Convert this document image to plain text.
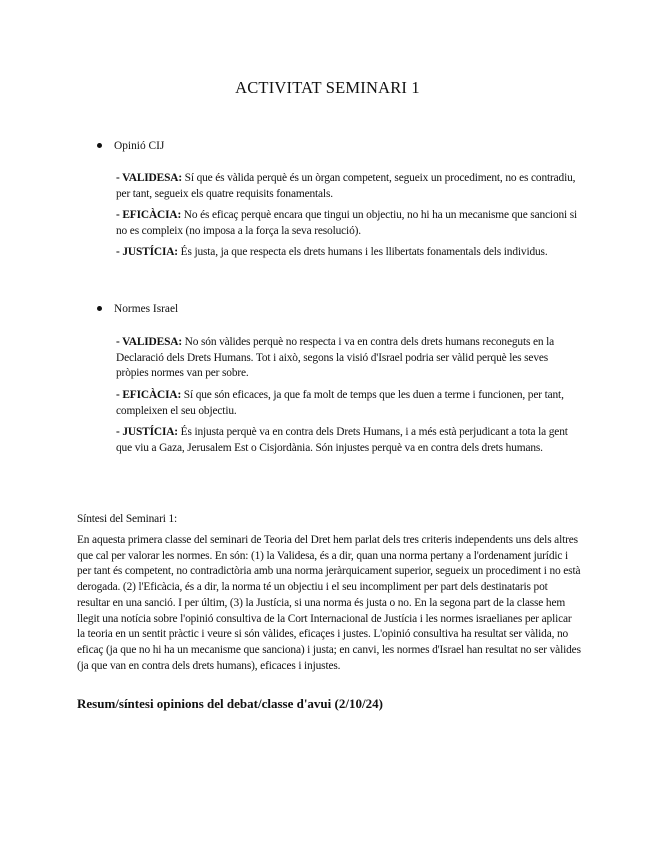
ACTIVITAT SEMINARI 1
Opinió CIJ

- VALIDESA: Sí que és vàlida perquè és un òrgan competent, segueix un procediment, no es contradiu, per tant, segueix els quatre requisits fonamentals.

- EFICÀCIA: No és eficaç perquè encara que tingui un objectiu, no hi ha un mecanisme que sancioni si no es compleix (no imposa a la força la seva resolució).

- JUSTÍCIA: És justa, ja que respecta els drets humans i les llibertats fonamentals dels individus.

Normes Israel

- VALIDESA: No són vàlides perquè no respecta i va en contra dels drets humans reconeguts en la Declaració dels Drets Humans. Tot i això, segons la visió d'Israel podria ser vàlid perquè les seves pròpies normes van per sobre.

- EFICÀCIA: Sí que són eficaces, ja que fa molt de temps que les duen a terme i funcionen, per tant, compleixen el seu objectiu.

- JUSTÍCIA: És injusta perquè va en contra dels Drets Humans, i a més està perjudicant a tota la gent que viu a Gaza, Jerusalem Est o Cisjordània. Són injustes perquè va en contra dels drets humans.

Síntesi del Seminari 1:

En aquesta primera classe del seminari de Teoria del Dret hem parlat dels tres criteris independents uns dels altres que cal per valorar les normes. En són: (1) la Validesa, és a dir, quan una norma pertany a l'ordenament jurídic i per tant és competent, no contradictòria amb una norma jeràrquicament superior, segueix un procediment i no està derogada. (2) l'Eficàcia, és a dir, la norma té un objectiu i el seu incompliment per part dels destinataris pot resultar en una sanció. I per últim, (3) la Justícia, si una norma és justa o no. En la segona part de la classe hem llegit una notícia sobre l'opinió consultiva de la Cort Internacional de Justícia i les normes israelianes per aplicar la teoria en un sentit pràctic i veure si són vàlides, eficaçes i justes. L'opinió consultiva ha resultat ser vàlida, no eficaç (ja que no hi ha un mecanisme que sanciona) i justa; en canvi, les normes d'Israel han resultat no ser vàlides (ja que van en contra dels drets humans), eficaces i injustes.

Resum/síntesi opinions del debat/classe d'avui (2/10/24)
